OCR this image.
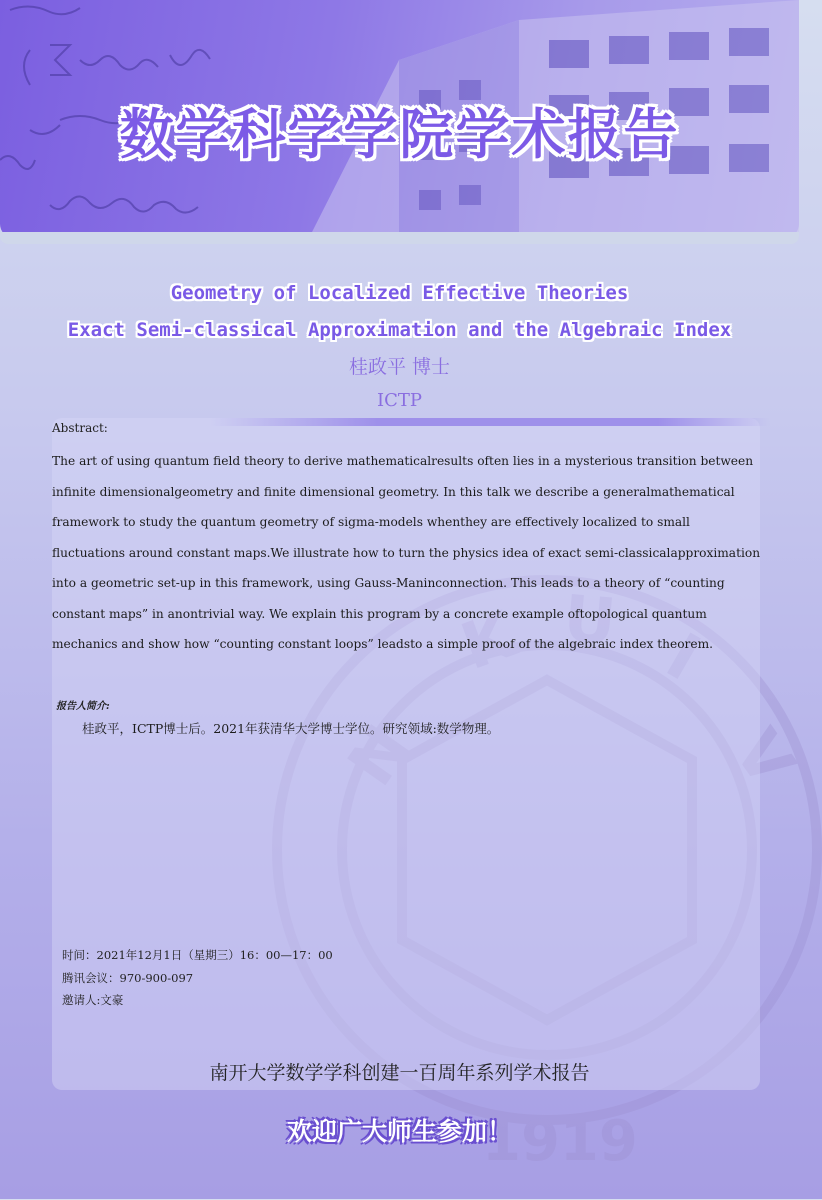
数学科学学院学术报告
N
K U I
V
1919
Geometry of Localized Effective Theories
Exact Semi-classical Approximation and the Algebraic Index
桂政平 博士
ICTP
Abstract:
The art of using quantum field theory to derive mathematicalresults often lies in a mysterious transition between infinite dimensionalgeometry and finite dimensional geometry. In this talk we describe a generalmathematical framework to study the quantum geometry of sigma-models whenthey are effectively localized to small fluctuations around constant maps.We illustrate how to turn the physics idea of exact semi-classicalapproximation into a geometric set-up in this framework, using Gauss-Maninconnection. This leads to a theory of “counting constant maps” in anontrivial way. We explain this program by a concrete example oftopological quantum mechanics and show how “counting constant loops” leadsto a simple proof of the algebraic index theorem.
报告人简介:
桂政平，ICTP博士后。2021年获清华大学博士学位。研究领域:数学物理。
时间：2021年12月1日（星期三）16：00—17：00
腾讯会议：970-900-097
邀请人:文豪
南开大学数学学科创建一百周年系列学术报告
欢迎广大师生参加！
